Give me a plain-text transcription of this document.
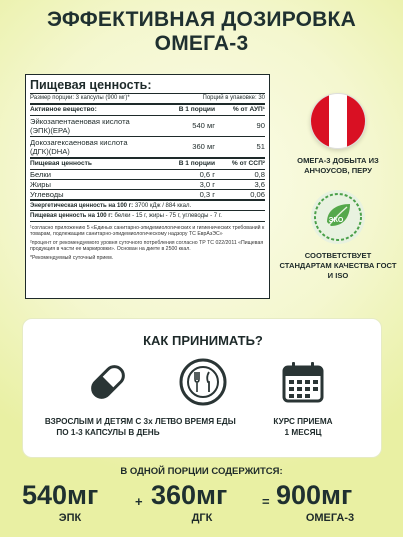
ЭФФЕКТИВНАЯ ДОЗИРОВКА
ОМЕГА-3
Пищевая ценность:
Размер порции: 3 капсулы (900 мг)*	Порций в упаковке: 30
Активное вещество:	В 1 порции	% от АУП¹
Эйкозапентаеновая кислота (ЭПК)(EPA)
540 мг	90
Докозагексаеновая кислота (ДГК)(DHA)
360 мг	51
Пищевая ценность	В 1 порции	% от ССП²
Белки	0,6 г	0,8
Жиры	3,0 г	3,6
Углеводы	0,3 г	0,06
Энергетическая ценность на 100 г: 3700 кДж / 884 ккал.
Пищевая ценность на 100 г: белки - 15 г, жиры - 75 г, углеводы - 7 г.

¹согласно приложению 5 «Единых санитарно-эпидемиологических и гигиенических требований к товарам, подлежащим санитарно-эпидемиологическому надзору ТС ЕврАзЭС»

²процент от рекомендуемого уровня суточного потребления согласно ТР ТС 022/2011 «Пищевая продукция в части ее маркировки». Основан на диете в 2500 ккал.

*Рекомендуемый суточный прием.

ОМЕГА-3 ДОБЫТА ИЗ АНЧОУСОВ, ПЕРУ
ЭКО
СООТВЕТСТВУЕТ СТАНДАРТАМ КАЧЕСТВА ГОСТ И ISO
КАК ПРИНИМАТЬ?
ВЗРОСЛЫМ И ДЕТЯМ С 3х ЛЕТ
ПО 1-3 КАПСУЛЫ В ДЕНЬ
ВО ВРЕМЯ ЕДЫ	КУРС ПРИЕМА
1 МЕСЯЦ
В ОДНОЙ ПОРЦИИ СОДЕРЖИТСЯ:
540мг	+ 360мг	= 900мг
ЭПК	ДГК	ОМЕГА-3
